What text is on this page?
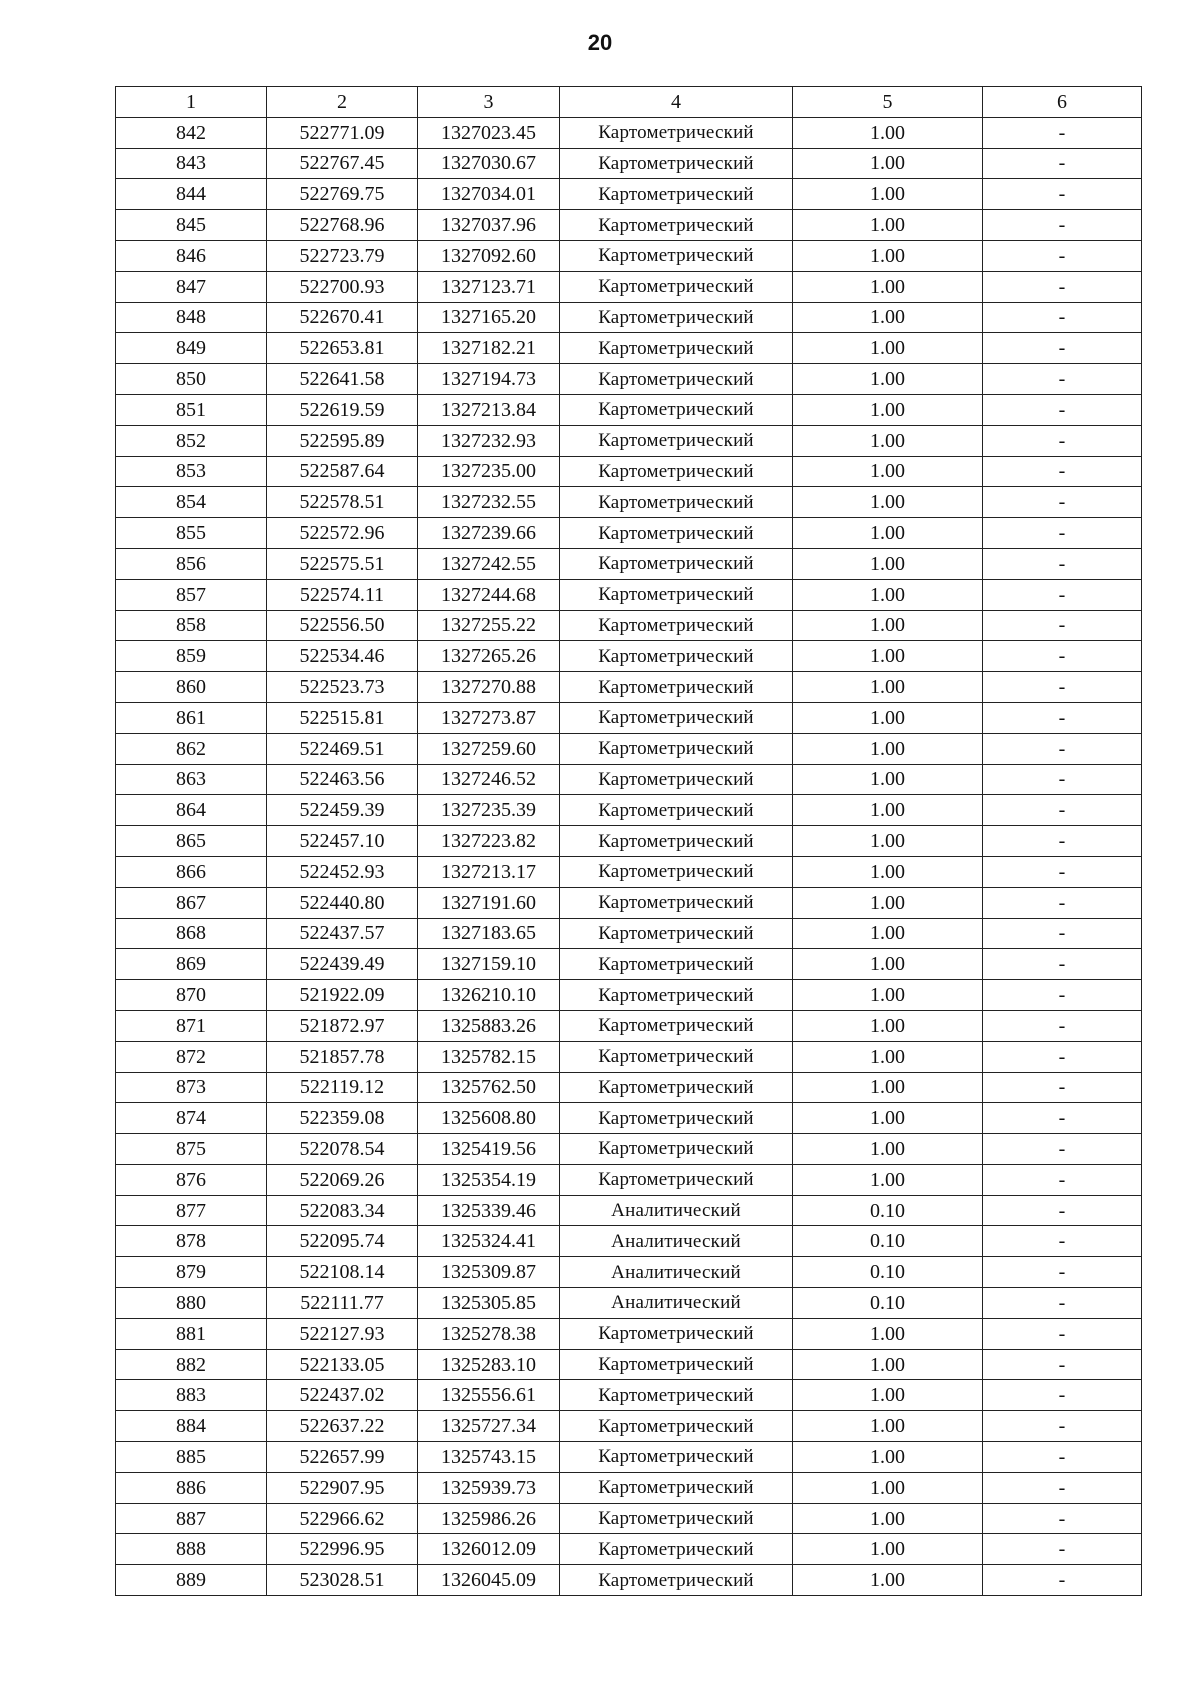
20
1	2	3	4	5	6
842	522771.09	1327023.45	Картометрический	1.00	-
843	522767.45	1327030.67	Картометрический	1.00	-
844	522769.75	1327034.01	Картометрический	1.00	-
845	522768.96	1327037.96	Картометрический	1.00	-
846	522723.79	1327092.60	Картометрический	1.00	-
847	522700.93	1327123.71	Картометрический	1.00	-
848	522670.41	1327165.20	Картометрический	1.00	-
849	522653.81	1327182.21	Картометрический	1.00	-
850	522641.58	1327194.73	Картометрический	1.00	-
851	522619.59	1327213.84	Картометрический	1.00	-
852	522595.89	1327232.93	Картометрический	1.00	-
853	522587.64	1327235.00	Картометрический	1.00	-
854	522578.51	1327232.55	Картометрический	1.00	-
855	522572.96	1327239.66	Картометрический	1.00	-
856	522575.51	1327242.55	Картометрический	1.00	-
857	522574.11	1327244.68	Картометрический	1.00	-
858	522556.50	1327255.22	Картометрический	1.00	-
859	522534.46	1327265.26	Картометрический	1.00	-
860	522523.73	1327270.88	Картометрический	1.00	-
861	522515.81	1327273.87	Картометрический	1.00	-
862	522469.51	1327259.60	Картометрический	1.00	-
863	522463.56	1327246.52	Картометрический	1.00	-
864	522459.39	1327235.39	Картометрический	1.00	-
865	522457.10	1327223.82	Картометрический	1.00	-
866	522452.93	1327213.17	Картометрический	1.00	-
867	522440.80	1327191.60	Картометрический	1.00	-
868	522437.57	1327183.65	Картометрический	1.00	-
869	522439.49	1327159.10	Картометрический	1.00	-
870	521922.09	1326210.10	Картометрический	1.00	-
871	521872.97	1325883.26	Картометрический	1.00	-
872	521857.78	1325782.15	Картометрический	1.00	-
873	522119.12	1325762.50	Картометрический	1.00	-
874	522359.08	1325608.80	Картометрический	1.00	-
875	522078.54	1325419.56	Картометрический	1.00	-
876	522069.26	1325354.19	Картометрический	1.00	-
877	522083.34	1325339.46	Аналитический	0.10	-
878	522095.74	1325324.41	Аналитический	0.10	-
879	522108.14	1325309.87	Аналитический	0.10	-
880	522111.77	1325305.85	Аналитический	0.10	-
881	522127.93	1325278.38	Картометрический	1.00	-
882	522133.05	1325283.10	Картометрический	1.00	-
883	522437.02	1325556.61	Картометрический	1.00	-
884	522637.22	1325727.34	Картометрический	1.00	-
885	522657.99	1325743.15	Картометрический	1.00	-
886	522907.95	1325939.73	Картометрический	1.00	-
887	522966.62	1325986.26	Картометрический	1.00	-
888	522996.95	1326012.09	Картометрический	1.00	-
889	523028.51	1326045.09	Картометрический	1.00	-
